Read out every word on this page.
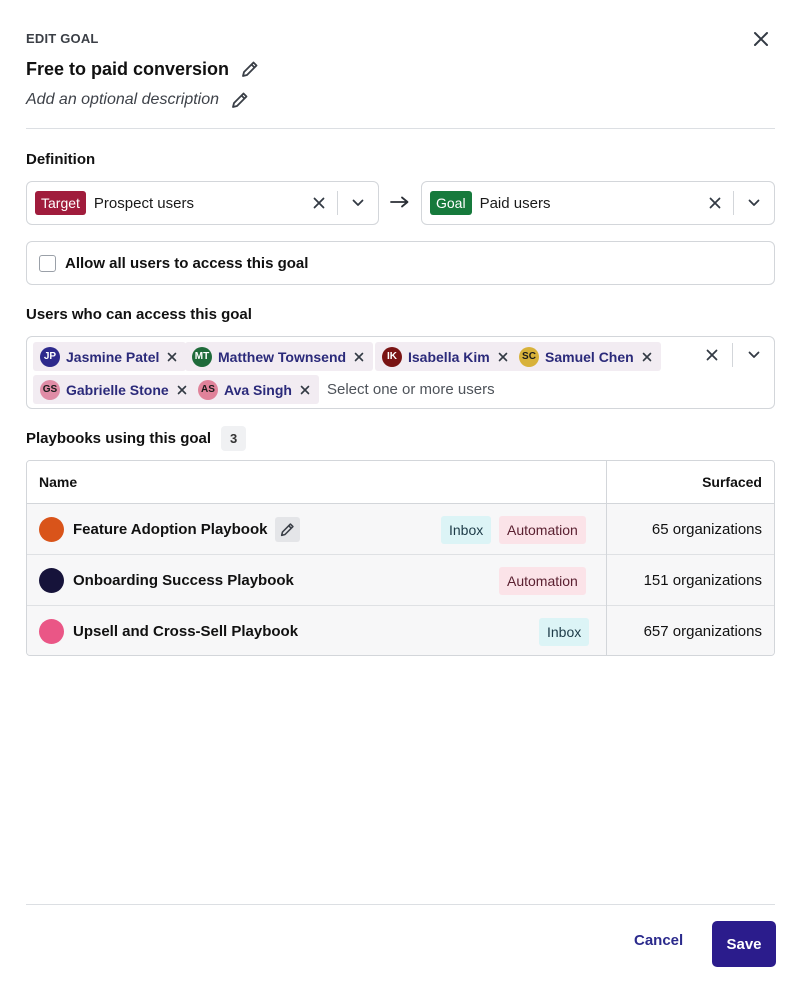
EDIT GOAL
Free to paid conversion
Add an optional description
Definition
Target Prospect users	Goal Paid users
Allow all users to access this goal
Users who can access this goal
JP Jasmine Patel	MT Matthew Townsend	IK Isabella Kim	SC Samuel Chen
GS Gabrielle Stone	AS Ava Singh Select one or more users
Playbooks using this goal	3
Name	Surfaced
Feature Adoption Playbook	Inbox	Automation	65 organizations
Onboarding Success Playbook	Automation	151 organizations
Upsell and Cross-Sell Playbook	Inbox	657 organizations
Cancel	Save
